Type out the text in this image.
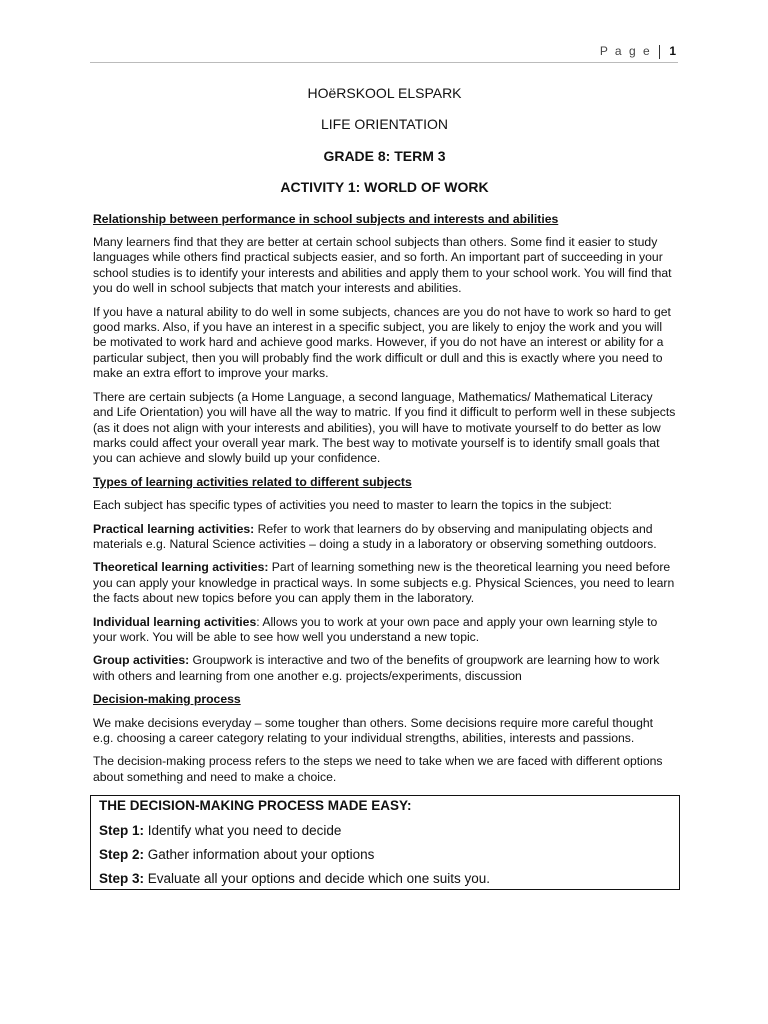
P a g e 1
HOëRSKOOL ELSPARK
LIFE ORIENTATION
GRADE 8: TERM 3
ACTIVITY 1: WORLD OF WORK
Relationship between performance in school subjects and interests and abilities

Many learners find that they are better at certain school subjects than others. Some find it easier to study languages while others find practical subjects easier, and so forth. An important part of succeeding in your school studies is to identify your interests and abilities and apply them to your school work. You will find that you do well in school subjects that match your interests and abilities.

If you have a natural ability to do well in some subjects, chances are you do not have to work so hard to get good marks. Also, if you have an interest in a specific subject, you are likely to enjoy the work and you will be motivated to work hard and achieve good marks. However, if you do not have an interest or ability for a particular subject, then you will probably find the work difficult or dull and this is exactly where you need to make an extra effort to improve your marks.

There are certain subjects (a Home Language, a second language, Mathematics/ Mathematical Literacy and Life Orientation) you will have all the way to matric. If you find it difficult to perform well in these subjects (as it does not align with your interests and abilities), you will have to motivate yourself to do better as low marks could affect your overall year mark. The best way to motivate yourself is to identify small goals that you can achieve and slowly build up your confidence.

Types of learning activities related to different subjects

Each subject has specific types of activities you need to master to learn the topics in the subject:

Practical learning activities: Refer to work that learners do by observing and manipulating objects and materials e.g. Natural Science activities – doing a study in a laboratory or observing something outdoors.

Theoretical learning activities: Part of learning something new is the theoretical learning you need before you can apply your knowledge in practical ways. In some subjects e.g. Physical Sciences, you need to learn the facts about new topics before you can apply them in the laboratory.

Individual learning activities: Allows you to work at your own pace and apply your own learning style to your work. You will be able to see how well you understand a new topic.

Group activities: Groupwork is interactive and two of the benefits of groupwork are learning how to work with others and learning from one another e.g. projects/experiments, discussion

Decision-making process

We make decisions everyday – some tougher than others. Some decisions require more careful thought e.g. choosing a career category relating to your individual strengths, abilities, interests and passions.

The decision-making process refers to the steps we need to take when we are faced with different options about something and need to make a choice.

THE DECISION-MAKING PROCESS MADE EASY:
Step 1: Identify what you need to decide
Step 2: Gather information about your options
Step 3: Evaluate all your options and decide which one suits you.
